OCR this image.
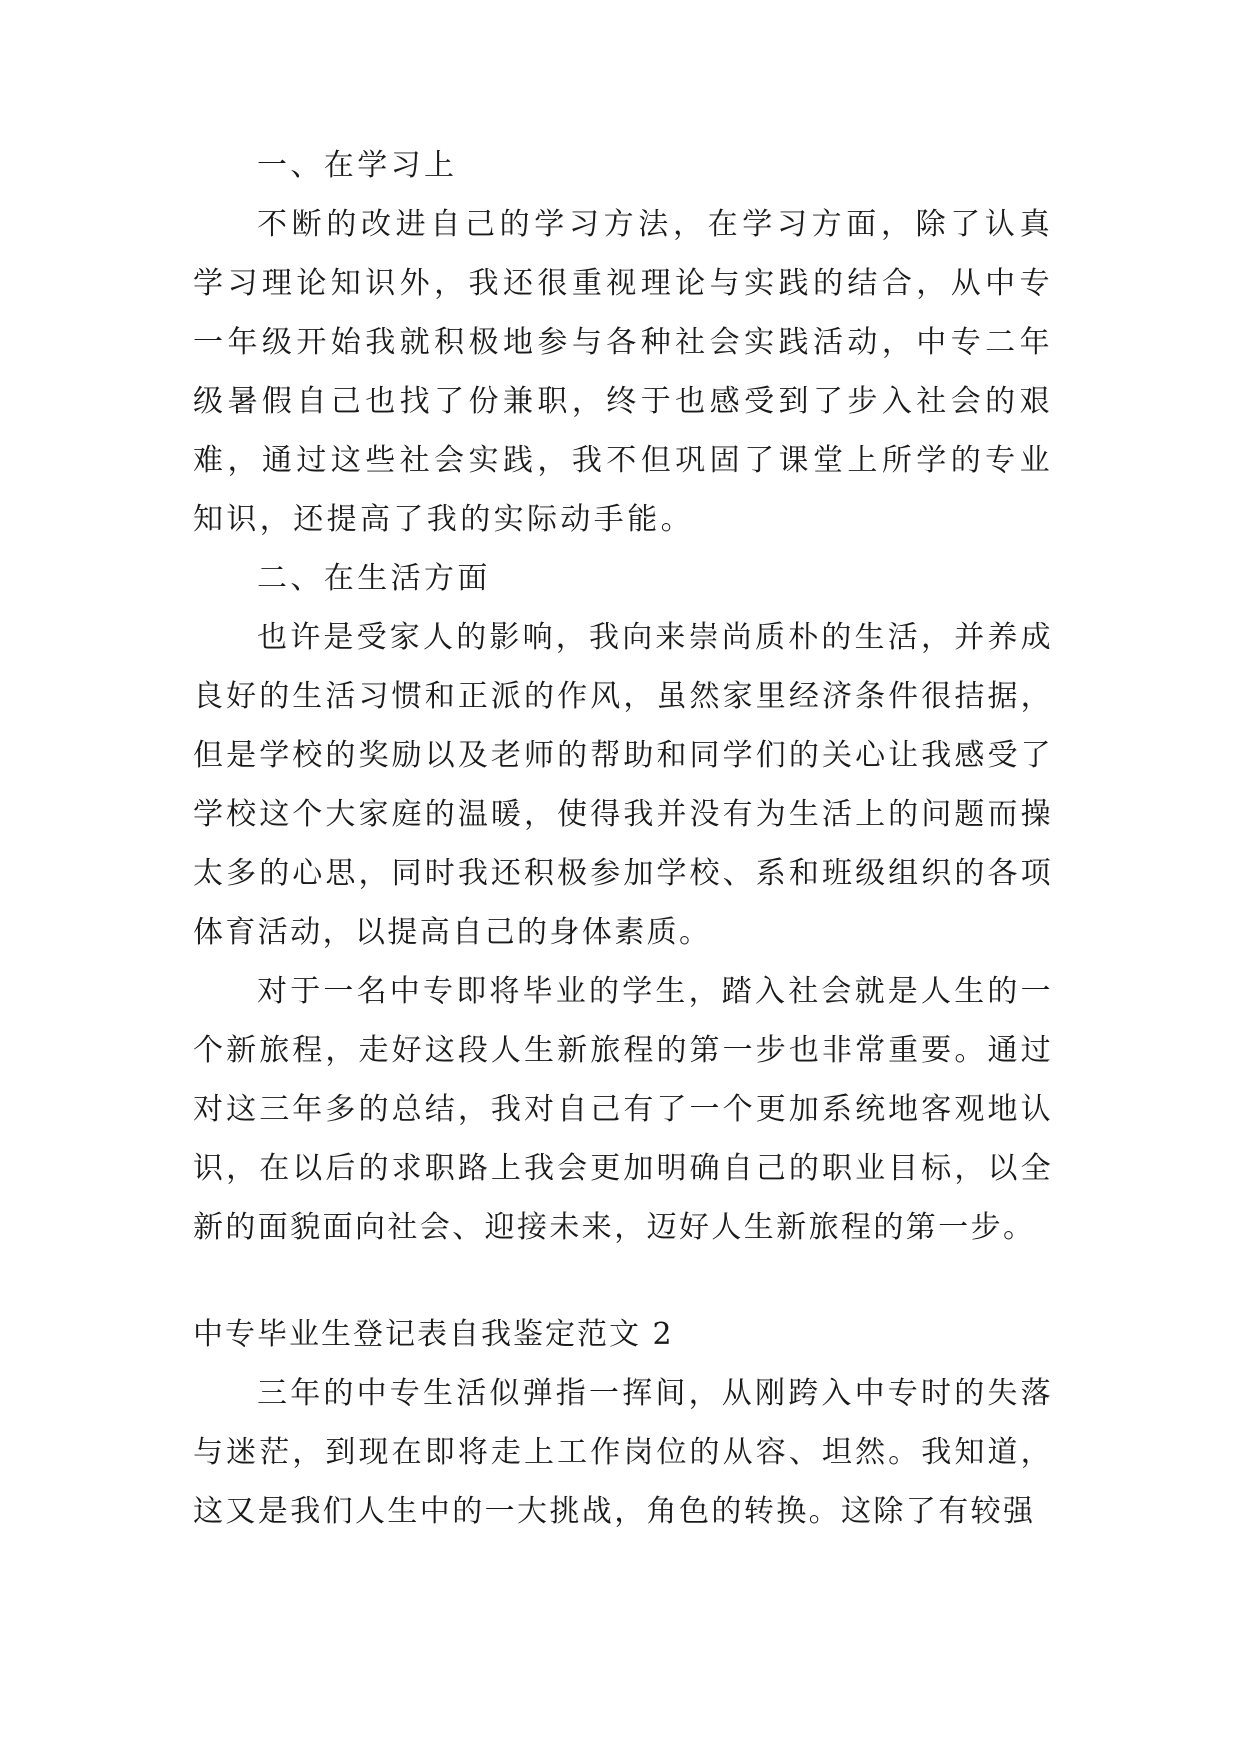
一、在学习上

不断的改进自己的学习方法，在学习方面，除了认真学习理论知识外，我还很重视理论与实践的结合，从中专一年级开始我就积极地参与各种社会实践活动，中专二年级暑假自己也找了份兼职，终于也感受到了步入社会的艰难，通过这些社会实践，我不但巩固了课堂上所学的专业知识，还提高了我的实际动手能。

二、在生活方面

也许是受家人的影响，我向来崇尚质朴的生活，并养成良好的生活习惯和正派的作风，虽然家里经济条件很拮据，但是学校的奖励以及老师的帮助和同学们的关心让我感受了学校这个大家庭的温暖，使得我并没有为生活上的问题而操太多的心思，同时我还积极参加学校、系和班级组织的各项体育活动，以提高自己的身体素质。

对于一名中专即将毕业的学生，踏入社会就是人生的一个新旅程，走好这段人生新旅程的第一步也非常重要。通过对这三年多的总结，我对自己有了一个更加系统地客观地认识，在以后的求职路上我会更加明确自己的职业目标，以全新的面貌面向社会、迎接未来，迈好人生新旅程的第一步。

中专毕业生登记表自我鉴定范文 2

三年的中专生活似弹指一挥间，从刚跨入中专时的失落与迷茫，到现在即将走上工作岗位的从容、坦然。我知道，这又是我们人生中的一大挑战，角色的转换。这除了有较强
